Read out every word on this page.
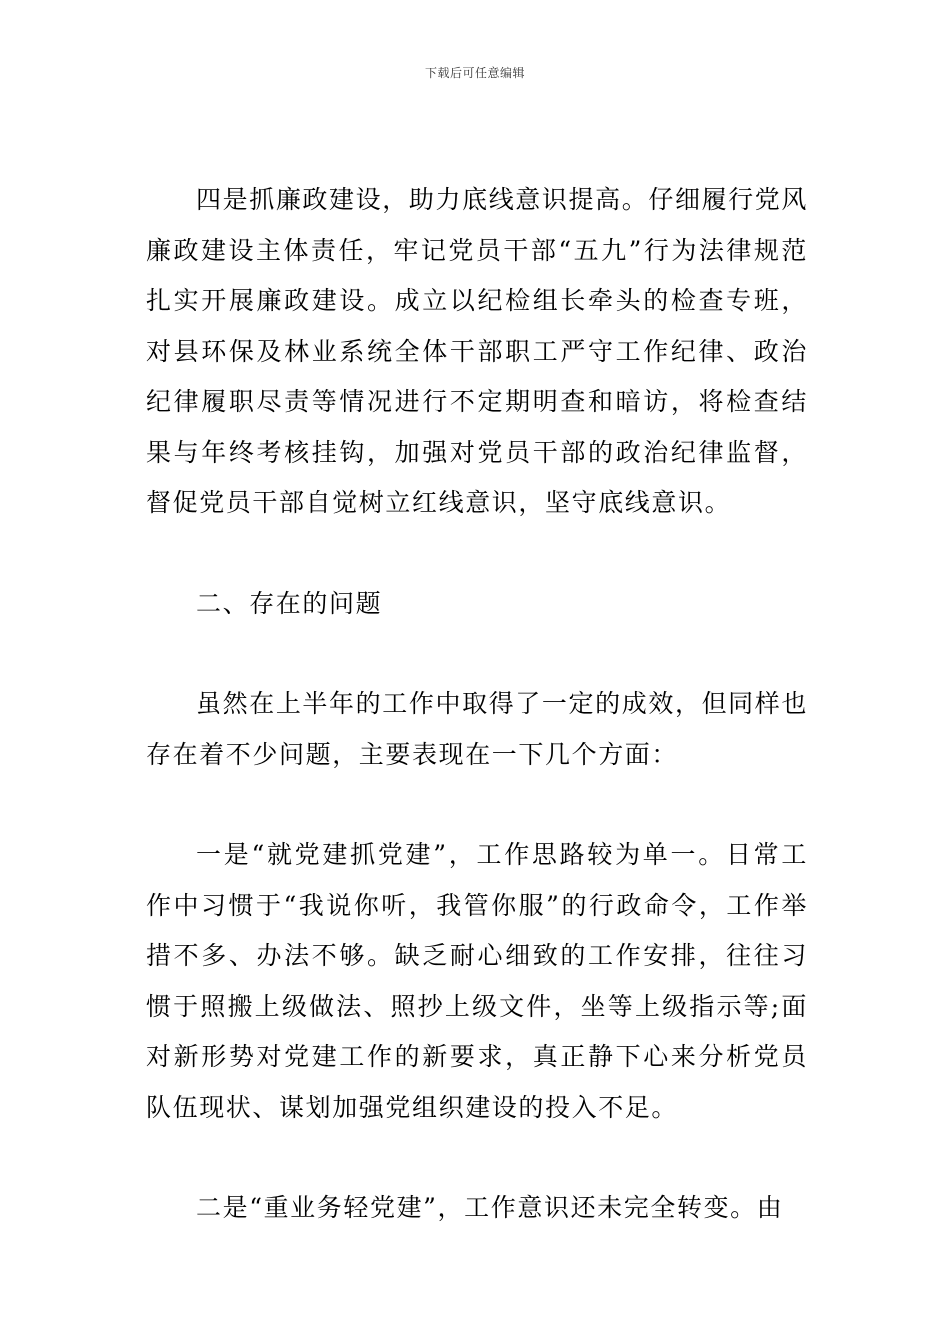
下载后可任意编辑

四是抓廉政建设，助力底线意识提高。仔细履行党风廉政建设主体责任，牢记党员干部“五九”行为法律规范扎实开展廉政建设。成立以纪检组长牵头的检查专班，对县环保及林业系统全体干部职工严守工作纪律、政治纪律履职尽责等情况进行不定期明查和暗访，将检查结果与年终考核挂钩，加强对党员干部的政治纪律监督，督促党员干部自觉树立红线意识，坚守底线意识。

二、存在的问题

虽然在上半年的工作中取得了一定的成效，但同样也存在着不少问题，主要表现在一下几个方面：

一是“就党建抓党建”，工作思路较为单一。日常工作中习惯于“我说你听，我管你服”的行政命令，工作举措不多、办法不够。缺乏耐心细致的工作安排，往往习惯于照搬上级做法、照抄上级文件，坐等上级指示等;面对新形势对党建工作的新要求，真正静下心来分析党员队伍现状、谋划加强党组织建设的投入不足。

二是“重业务轻党建”，工作意识还未完全转变。由
